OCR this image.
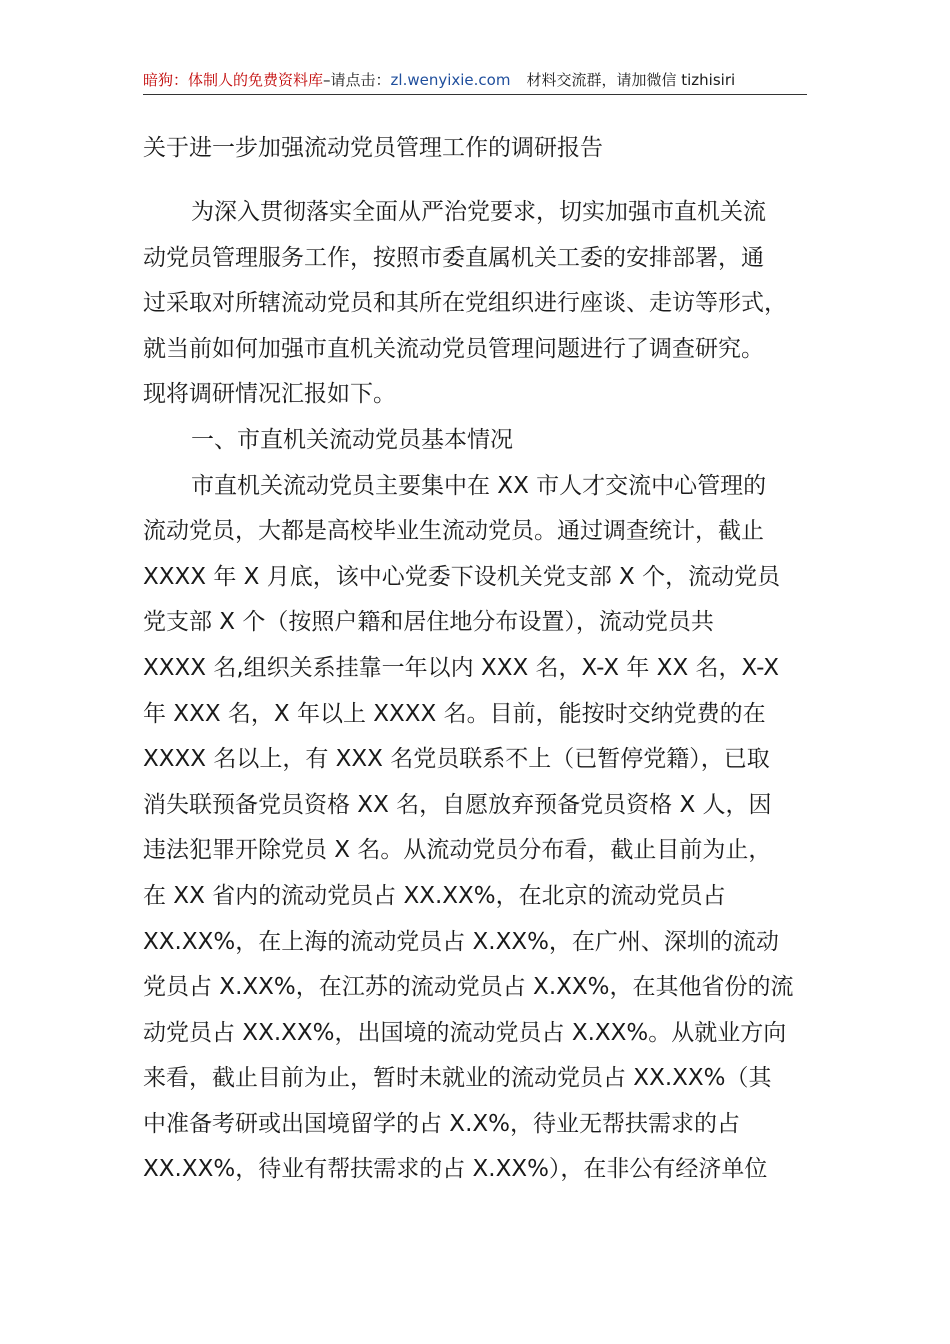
暗狗：体制人的免费资料库–请点击：zl.wenyixie.com 材料交流群，请加微信 tizhisiri
关于进一步加强流动党员管理工作的调研报告
为深入贯彻落实全面从严治党要求，切实加强市直机关流
动党员管理服务工作，按照市委直属机关工委的安排部署，通
过采取对所辖流动党员和其所在党组织进行座谈、走访等形式，
就当前如何加强市直机关流动党员管理问题进行了调查研究。
现将调研情况汇报如下。
一、市直机关流动党员基本情况
市直机关流动党员主要集中在 XX 市人才交流中心管理的
流动党员，大都是高校毕业生流动党员。通过调查统计，截止
XXXX 年 X 月底，该中心党委下设机关党支部 X 个，流动党员
党支部 X 个（按照户籍和居住地分布设置），流动党员共
XXXX 名,组织关系挂靠一年以内 XXX 名，X-X 年 XX 名，X-X
年 XXX 名，X 年以上 XXXX 名。目前，能按时交纳党费的在
XXXX 名以上，有 XXX 名党员联系不上（已暂停党籍），已取
消失联预备党员资格 XX 名，自愿放弃预备党员资格 X 人，因
违法犯罪开除党员 X 名。从流动党员分布看，截止目前为止，
在 XX 省内的流动党员占 XX.XX%，在北京的流动党员占
XX.XX%，在上海的流动党员占 X.XX%，在广州、深圳的流动
党员占 X.XX%，在江苏的流动党员占 X.XX%，在其他省份的流
动党员占 XX.XX%，出国境的流动党员占 X.XX%。从就业方向
来看，截止目前为止，暂时未就业的流动党员占 XX.XX%（其
中准备考研或出国境留学的占 X.X%，待业无帮扶需求的占
XX.XX%，待业有帮扶需求的占 X.XX%），在非公有经济单位
